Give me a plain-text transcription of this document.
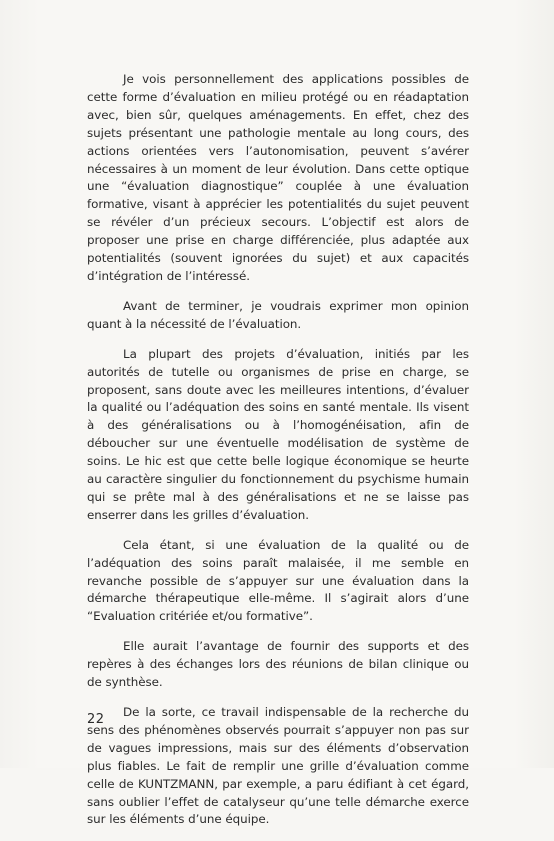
Je vois personnellement des applications possibles de cette forme d’évaluation en milieu protégé ou en réadaptation avec, bien sûr, quelques aménagements. En effet, chez des sujets présentant une pathologie mentale au long cours, des actions orientées vers l’autonomisation, peuvent s’avérer nécessaires à un moment de leur évolution. Dans cette optique une “évaluation diagnostique” couplée à une évaluation formative, visant à apprécier les potentialités du sujet peuvent se révéler d’un précieux secours. L’objectif est alors de proposer une prise en charge différenciée, plus adaptée aux potentialités (souvent ignorées du sujet) et aux capacités d’intégration de l’intéressé.

Avant de terminer, je voudrais exprimer mon opinion quant à la nécessité de l’évaluation.

La plupart des projets d’évaluation, initiés par les autorités de tutelle ou organismes de prise en charge, se proposent, sans doute avec les meilleures intentions, d’évaluer la qualité ou l’adéquation des soins en santé mentale. Ils visent à des généralisations ou à l’homogénéisation, afin de déboucher sur une éventuelle modélisation de système de soins. Le hic est que cette belle logique économique se heurte au caractère singulier du fonctionnement du psychisme humain qui se prête mal à des généralisations et ne se laisse pas enserrer dans les grilles d’évaluation.

Cela étant, si une évaluation de la qualité ou de l’adéquation des soins paraît malaisée, il me semble en revanche possible de s’appuyer sur une évaluation dans la démarche thérapeutique elle-même. Il s’agirait alors d’une “Evaluation critériée et/ou formative”.

Elle aurait l’avantage de fournir des supports et des repères à des échanges lors des réunions de bilan clinique ou de synthèse.

De la sorte, ce travail indispensable de la recherche du sens des phénomènes observés pourrait s’appuyer non pas sur de vagues impressions, mais sur des éléments d’observation plus fiables. Le fait de remplir une grille d’évaluation comme celle de KUNTZMANN, par exemple, a paru édifiant à cet égard, sans oublier l’effet de catalyseur qu’une telle démarche exerce sur les éléments d’une équipe.

22
